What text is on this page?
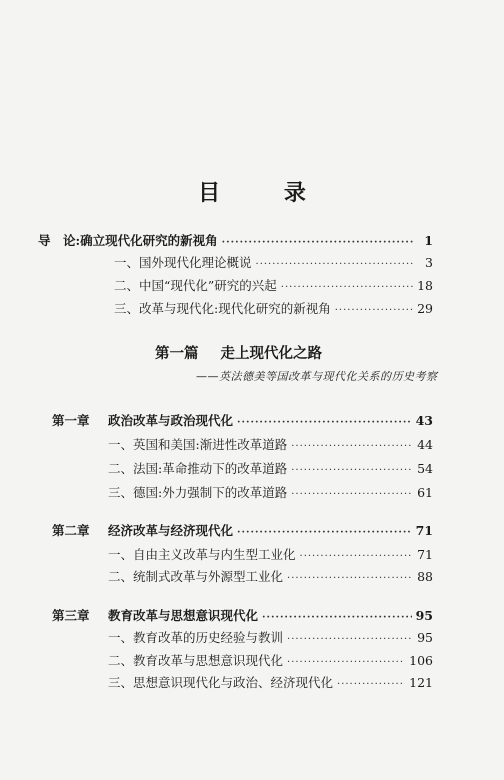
目 录
导　论: 确立现代化研究的新视角 ·····	1
一、国外现代化理论概说 ·····	3
二、中国“现代化”研究的兴起 ·····	18
三、改革与现代化:现代化研究的新视角 ·····	29
第一篇 走上现代化之路
——英法德美等国改革与现代化关系的历史考察
第一章 政治改革与政治现代化 ·····	43
一、英国和美国:渐进性改革道路 ·····	44
二、法国:革命推动下的改革道路 ·····	54
三、德国:外力强制下的改革道路 ·····	61
第二章 经济改革与经济现代化 ·····	71
一、自由主义改革与内生型工业化 ·····	71
二、统制式改革与外源型工业化 ·····	88
第三章 教育改革与思想意识现代化 ·····	95
一、教育改革的历史经验与教训 ·····	95
二、教育改革与思想意识现代化 ·····	106
三、思想意识现代化与政治、经济现代化 ·····	121
